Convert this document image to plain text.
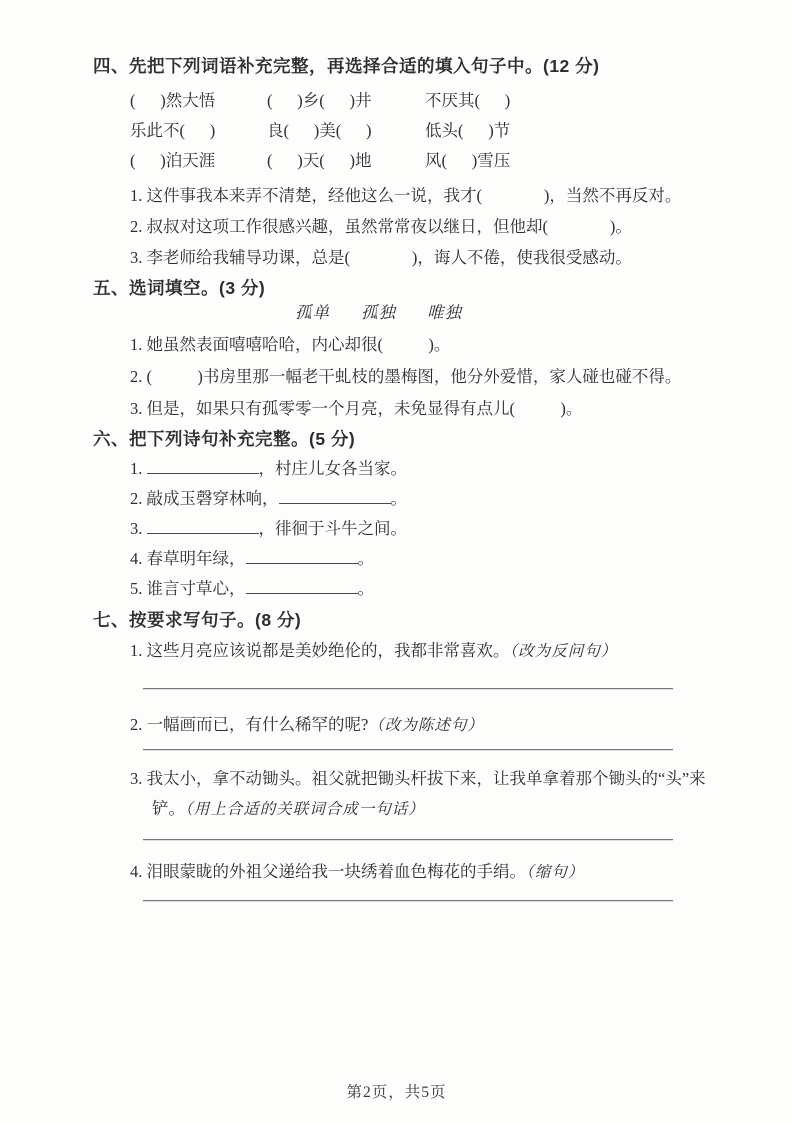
四、先把下列词语补充完整，再选择合适的填入句子中。(12 分)
(      )然大悟	(      )乡(      )井	不厌其(      )
乐此不(      )	良(      )美(      )	低头(      )节
(      )泊天涯	(      )天(      )地	风(      )雪压
1. 这件事我本来弄不清楚，经他这么一说，我才(               )，当然不再反对。
2. 叔叔对这项工作很感兴趣，虽然常常夜以继日，但他却(               )。
3. 李老师给我辅导功课，总是(               )，诲人不倦，使我很受感动。
五、选词填空。(3 分)
孤单 孤独 唯独
1. 她虽然表面嘻嘻哈哈，内心却很(           )。
2. (           )书房里那一幅老干虬枝的墨梅图，他分外爱惜，家人碰也碰不得。
3. 但是，如果只有孤零零一个月亮，未免显得有点儿(           )。
六、把下列诗句补充完整。(5 分)
1.	，村庄儿女各当家。
2. 敲成玉磬穿林响，	。
3.	，徘徊于斗牛之间。
4. 春草明年绿，	。
5. 谁言寸草心，	。
七、按要求写句子。(8 分)
1. 这些月亮应该说都是美妙绝伦的，我都非常喜欢。（改为反问句）
2. 一幅画而已，有什么稀罕的呢?（改为陈述句）
3. 我太小，拿不动锄头。祖父就把锄头杆拔下来，让我单拿着那个锄头的“头”来铲。（用上合适的关联词合成一句话）
4. 泪眼蒙眬的外祖父递给我一块绣着血色梅花的手绢。（缩句）
第2页，共5页
